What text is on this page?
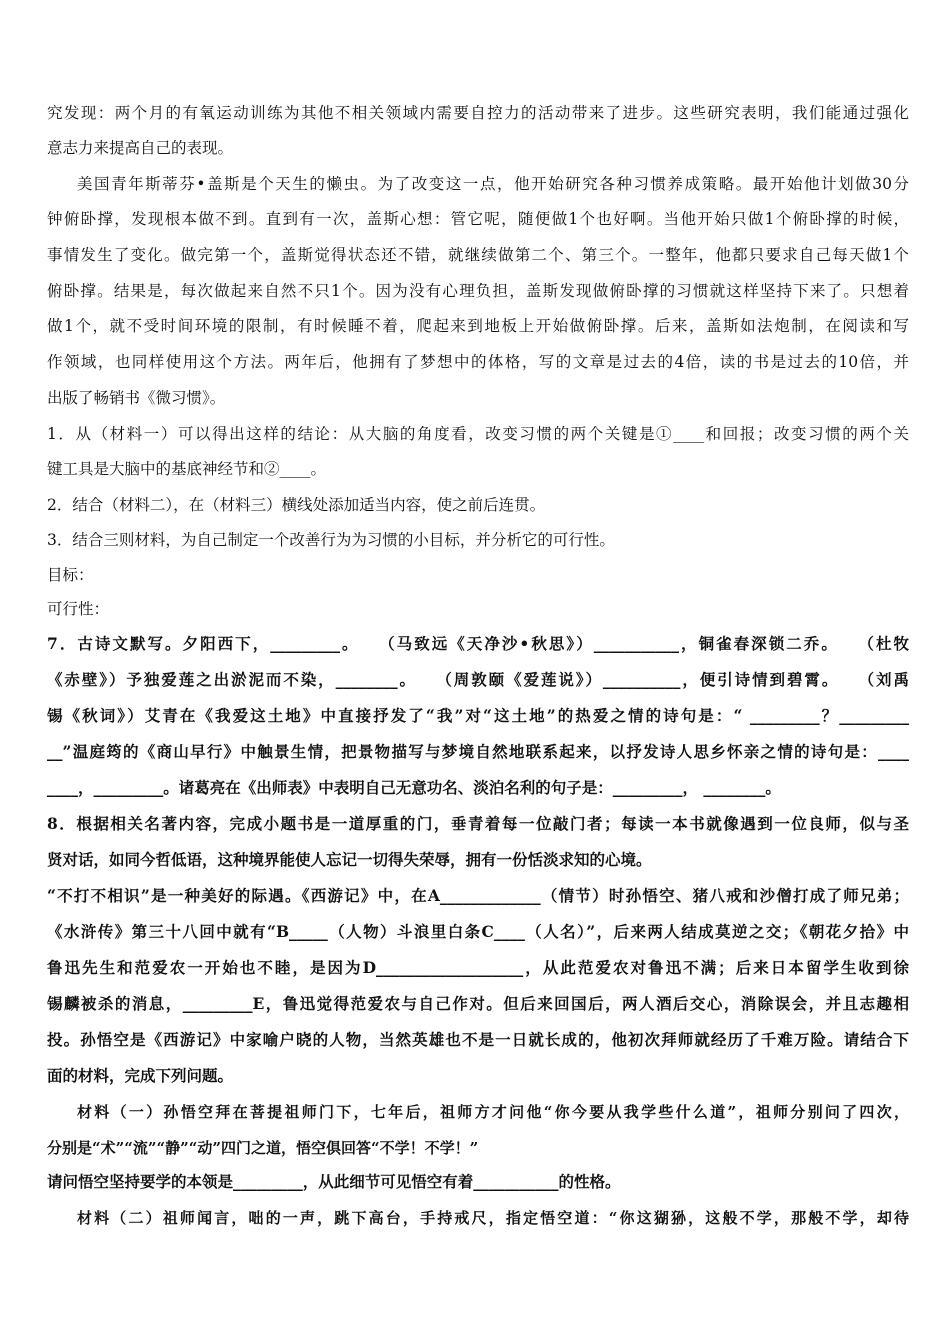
究发现：两个月的有氧运动训练为其他不相关领域内需要自控力的活动带来了进步。这些研究表明，我们能通过强化

意志力来提高自己的表现。

美国青年斯蒂芬•盖斯是个天生的懒虫。为了改变这一点，他开始研究各种习惯养成策略。最开始他计划做30分

钟俯卧撑，发现根本做不到。直到有一次，盖斯心想：管它呢，随便做1个也好啊。当他开始只做1个俯卧撑的时候，

事情发生了变化。做完第一个，盖斯觉得状态还不错，就继续做第二个、第三个。一整年，他都只要求自己每天做1个

俯卧撑。结果是，每次做起来自然不只1个。因为没有心理负担，盖斯发现做俯卧撑的习惯就这样坚持下来了。只想着

做1个，就不受时间环境的限制，有时候睡不着，爬起来到地板上开始做俯卧撑。后来，盖斯如法炮制，在阅读和写

作领域，也同样使用这个方法。两年后，他拥有了梦想中的体格，写的文章是过去的4倍，读的书是过去的10倍，并

出版了畅销书《微习惯》。

1．从（材料一）可以得出这样的结论：从大脑的角度看，改变习惯的两个关键是①____和回报；改变习惯的两个关

键工具是大脑中的基底神经节和②____。

2．结合（材料二），在（材料三）横线处添加适当内容，使之前后连贯。

3．结合三则材料，为自己制定一个改善行为为习惯的小目标，并分析它的可行性。

目标：

可行性：

7．古诗文默写。夕阳西下，_________。　　（马致远《天净沙•秋思》）___________，铜雀春深锁二乔。　　（杜牧

《赤壁》）予独爱莲之出淤泥而不染，________。　　（周敦颐《爱莲说》）__________，便引诗情到碧霄。　　（刘禹

锡《秋词》）艾青在《我爱这土地》中直接抒发了“我”对“这土地”的热爱之情的诗句是：“ _________？_________

__”温庭筠的《商山早行》中触景生情，把景物描写与梦境自然地联系起来，以抒发诗人思乡怀亲之情的诗句是：____

____，_________。诸葛亮在《出师表》中表明自己无意功名、淡泊名利的句子是：_________， ________。

8．根据相关名著内容，完成小题书是一道厚重的门，垂青着每一位敲门者；每读一本书就像遇到一位良师，似与圣

贤对话，如同今哲低语，这种境界能使人忘记一切得失荣辱，拥有一份恬淡求知的心境。

“不打不相识”是一种美好的际遇。《西游记》中，在A_____________（情节）时孙悟空、猪八戒和沙僧打成了师兄弟；

《水浒传》第三十八回中就有“B_____（人物）斗浪里白条C____（人名）”，后来两人结成莫逆之交；《朝花夕拾》中

鲁迅先生和范爱农一开始也不睦，是因为D___________________，从此范爱农对鲁迅不满；后来日本留学生收到徐

锡麟被杀的消息，_________E，鲁迅觉得范爱农与自己作对。但后来回国后，两人酒后交心，消除误会，并且志趣相

投。孙悟空是《西游记》中家喻户晓的人物，当然英雄也不是一日就长成的，他初次拜师就经历了千难万险。请结合下

面的材料，完成下列问题。

材料（一）孙悟空拜在菩提祖师门下，七年后，祖师方才问他“你今要从我学些什么道”，祖师分别问了四次，

分别是“术”“流”“静”“动”四门之道，悟空俱回答“不学！不学！”

请问悟空坚持要学的本领是_________，从此细节可见悟空有着___________的性格。

材料（二）祖师闻言，咄的一声，跳下高台，手持戒尺，指定悟空道：“你这猢狲，这般不学，那般不学，却待
